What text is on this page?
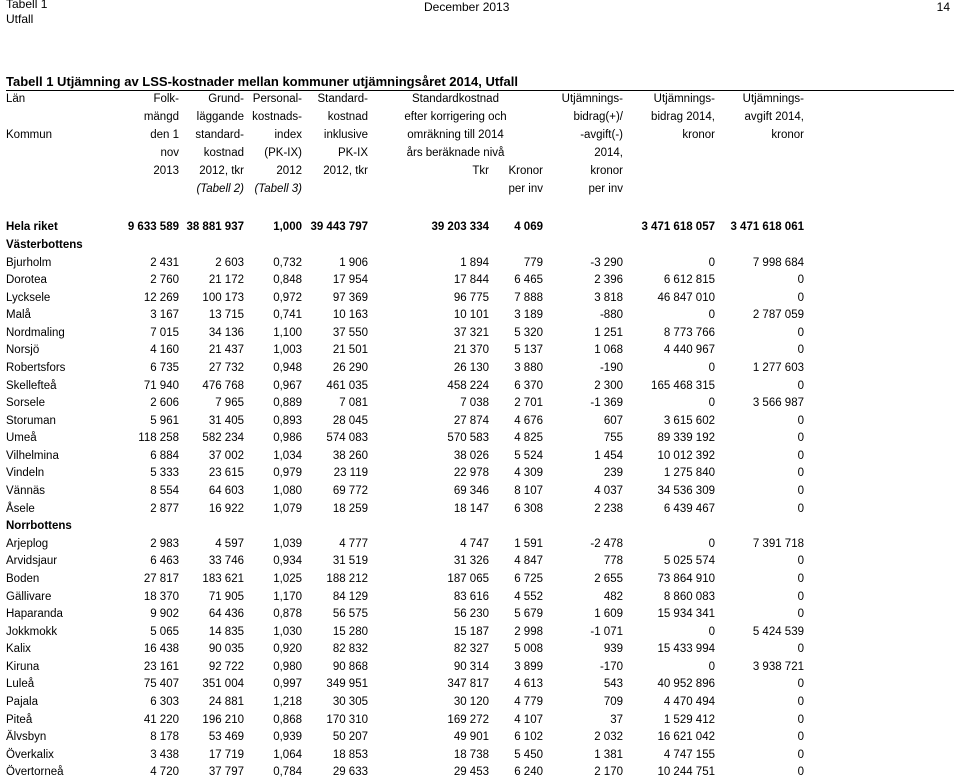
Tabell 1
Utfall
December 2013	14
Tabell 1 Utjämning av LSS-kostnader mellan kommuner utjämningsåret 2014, Utfall
Län	Folk-	Grund-	Personal-	Standard-	Standardkostnad		Utjämnings-	Utjämnings-	Utjämnings-
	mängd	läggande	kostnads-	kostnad	efter korrigering och		bidrag(+)/	bidrag 2014,	avgift 2014,
Kommun	den 1	standard-	index	inklusive	omräkning till 2014		-avgift(-)	kronor	kronor
	nov	kostnad	(PK-IX)	PK-IX	års beräknade nivå		2014,		
	2013	2012, tkr	2012	2012, tkr	Tkr	Kronor	kronor		
		(Tabell 2)	(Tabell 3)			per inv	per inv		

Hela riket	9 633 589	38 881 937	1,000	39 443 797	39 203 334	4 069		3 471 618 057	3 471 618 061
Västerbottens									
Bjurholm	2 431	2 603	0,732	1 906	1 894	779	-3 290	0	7 998 684
Dorotea	2 760	21 172	0,848	17 954	17 844	6 465	2 396	6 612 815	0
Lycksele	12 269	100 173	0,972	97 369	96 775	7 888	3 818	46 847 010	0
Malå	3 167	13 715	0,741	10 163	10 101	3 189	-880	0	2 787 059
Nordmaling	7 015	34 136	1,100	37 550	37 321	5 320	1 251	8 773 766	0
Norsjö	4 160	21 437	1,003	21 501	21 370	5 137	1 068	4 440 967	0
Robertsfors	6 735	27 732	0,948	26 290	26 130	3 880	-190	0	1 277 603
Skellefteå	71 940	476 768	0,967	461 035	458 224	6 370	2 300	165 468 315	0
Sorsele	2 606	7 965	0,889	7 081	7 038	2 701	-1 369	0	3 566 987
Storuman	5 961	31 405	0,893	28 045	27 874	4 676	607	3 615 602	0
Umeå	118 258	582 234	0,986	574 083	570 583	4 825	755	89 339 192	0
Vilhelmina	6 884	37 002	1,034	38 260	38 026	5 524	1 454	10 012 392	0
Vindeln	5 333	23 615	0,979	23 119	22 978	4 309	239	1 275 840	0
Vännäs	8 554	64 603	1,080	69 772	69 346	8 107	4 037	34 536 309	0
Åsele	2 877	16 922	1,079	18 259	18 147	6 308	2 238	6 439 467	0
Norrbottens									
Arjeplog	2 983	4 597	1,039	4 777	4 747	1 591	-2 478	0	7 391 718
Arvidsjaur	6 463	33 746	0,934	31 519	31 326	4 847	778	5 025 574	0
Boden	27 817	183 621	1,025	188 212	187 065	6 725	2 655	73 864 910	0
Gällivare	18 370	71 905	1,170	84 129	83 616	4 552	482	8 860 083	0
Haparanda	9 902	64 436	0,878	56 575	56 230	5 679	1 609	15 934 341	0
Jokkmokk	5 065	14 835	1,030	15 280	15 187	2 998	-1 071	0	5 424 539
Kalix	16 438	90 035	0,920	82 832	82 327	5 008	939	15 433 994	0
Kiruna	23 161	92 722	0,980	90 868	90 314	3 899	-170	0	3 938 721
Luleå	75 407	351 004	0,997	349 951	347 817	4 613	543	40 952 896	0
Pajala	6 303	24 881	1,218	30 305	30 120	4 779	709	4 470 494	0
Piteå	41 220	196 210	0,868	170 310	169 272	4 107	37	1 529 412	0
Älvsbyn	8 178	53 469	0,939	50 207	49 901	6 102	2 032	16 621 042	0
Överkalix	3 438	17 719	1,064	18 853	18 738	5 450	1 381	4 747 155	0
Övertorneå	4 720	37 797	0,784	29 633	29 453	6 240	2 170	10 244 751	0
